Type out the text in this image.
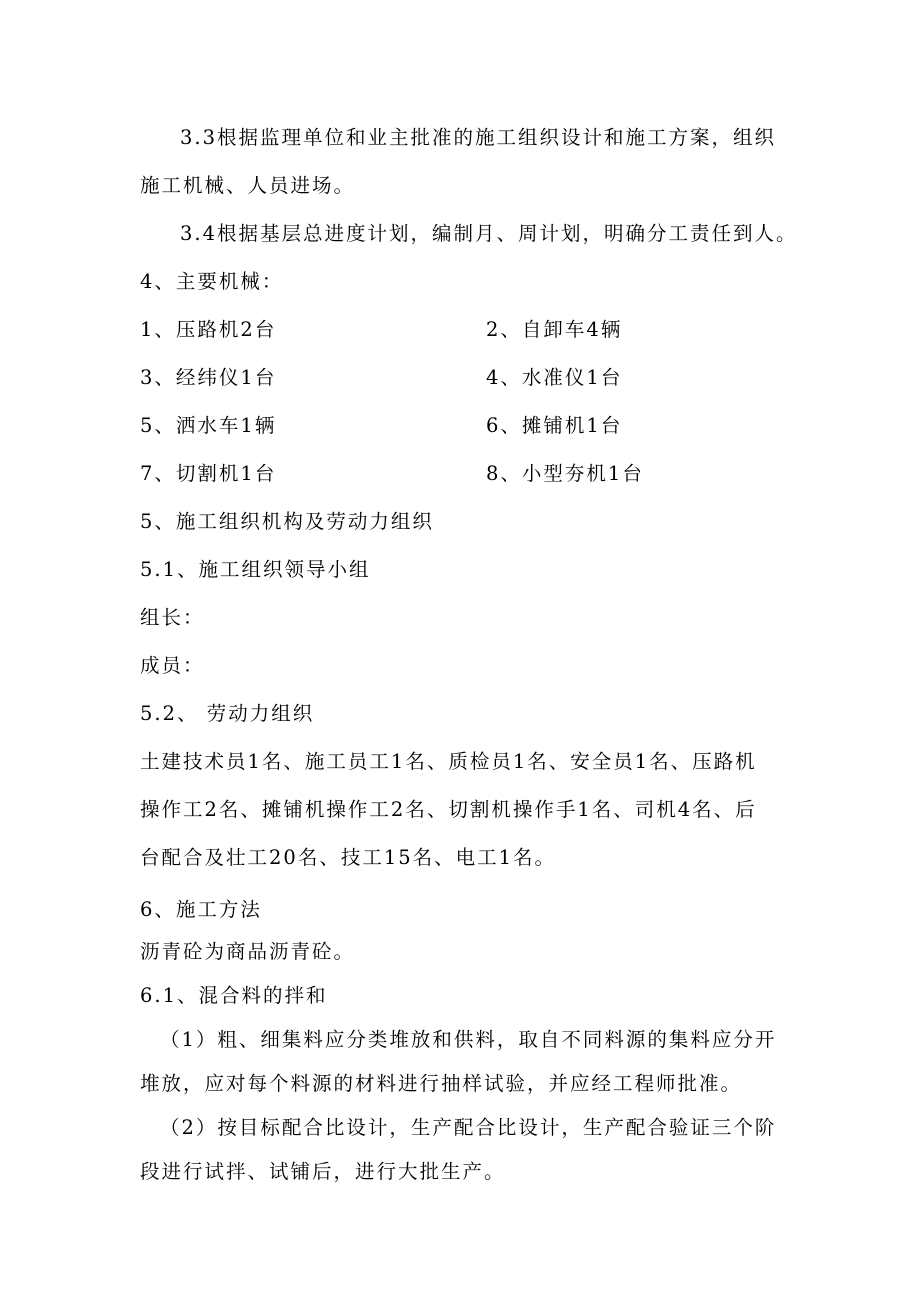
3.3根据监理单位和业主批准的施工组织设计和施工方案，组织
施工机械、人员进场。
3.4根据基层总进度计划，编制月、周计划，明确分工责任到人。
4、主要机械：
1、压路机2台	2、自卸车4辆
3、经纬仪1台	4、水准仪1台
5、洒水车1辆	6、摊铺机1台
7、切割机1台	8、小型夯机1台
5、施工组织机构及劳动力组织
5.1、施工组织领导小组
组长：
成员：
5.2、 劳动力组织
土建技术员1名、施工员工1名、质检员1名、安全员1名、压路机
操作工2名、摊铺机操作工2名、切割机操作手1名、司机4名、后
台配合及壮工20名、技工15名、电工1名。
6、施工方法
沥青砼为商品沥青砼。
6.1、混合料的拌和
（1）粗、细集料应分类堆放和供料，取自不同料源的集料应分开
堆放，应对每个料源的材料进行抽样试验，并应经工程师批准。
（2）按目标配合比设计，生产配合比设计，生产配合验证三个阶
段进行试拌、试铺后，进行大批生产。
